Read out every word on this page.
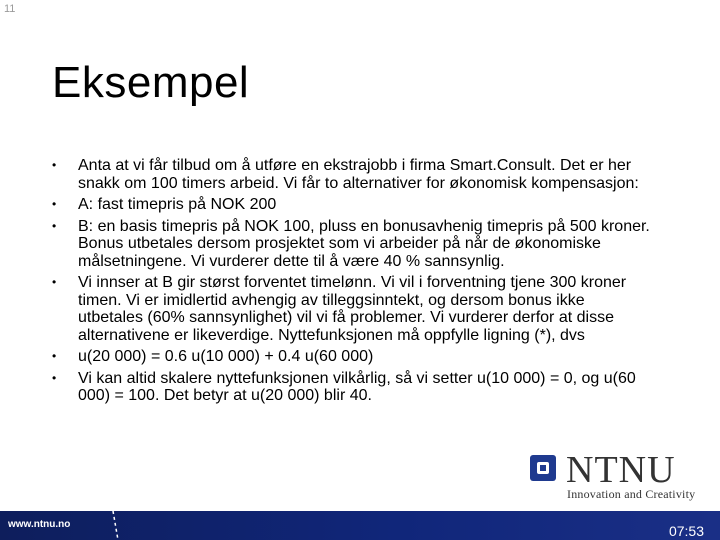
11
Eksempel
• Anta at vi får tilbud om å utføre en ekstrajobb i firma Smart.Consult. Det er her snakk om 100 timers arbeid. Vi får to alternativer for økonomisk kompensasjon:
• A: fast timepris på NOK 200
• B: en basis timepris på NOK 100, pluss en bonusavhenig timepris på 500 kroner. Bonus utbetales dersom prosjektet som vi arbeider på når de økonomiske målsetningene. Vi vurderer dette til å være 40 % sannsynlig.
• Vi innser at B gir størst forventet timelønn. Vi vil i forventning tjene 300 kroner timen. Vi er imidlertid avhengig av tilleggsinntekt, og dersom bonus ikke utbetales (60% sannsynlighet) vil vi få problemer. Vi vurderer derfor at disse alternativene er likeverdige. Nyttefunksjonen må oppfylle ligning (*), dvs
• u(20 000) = 0.6 u(10 000) + 0.4 u(60 000)
• Vi kan altid skalere nyttefunksjonen vilkårlig, så vi setter u(10 000) = 0, og u(60 000) = 100. Det betyr at u(20 000) blir 40.
NTNU
Innovation and Creativity
www.ntnu.no	07:53
